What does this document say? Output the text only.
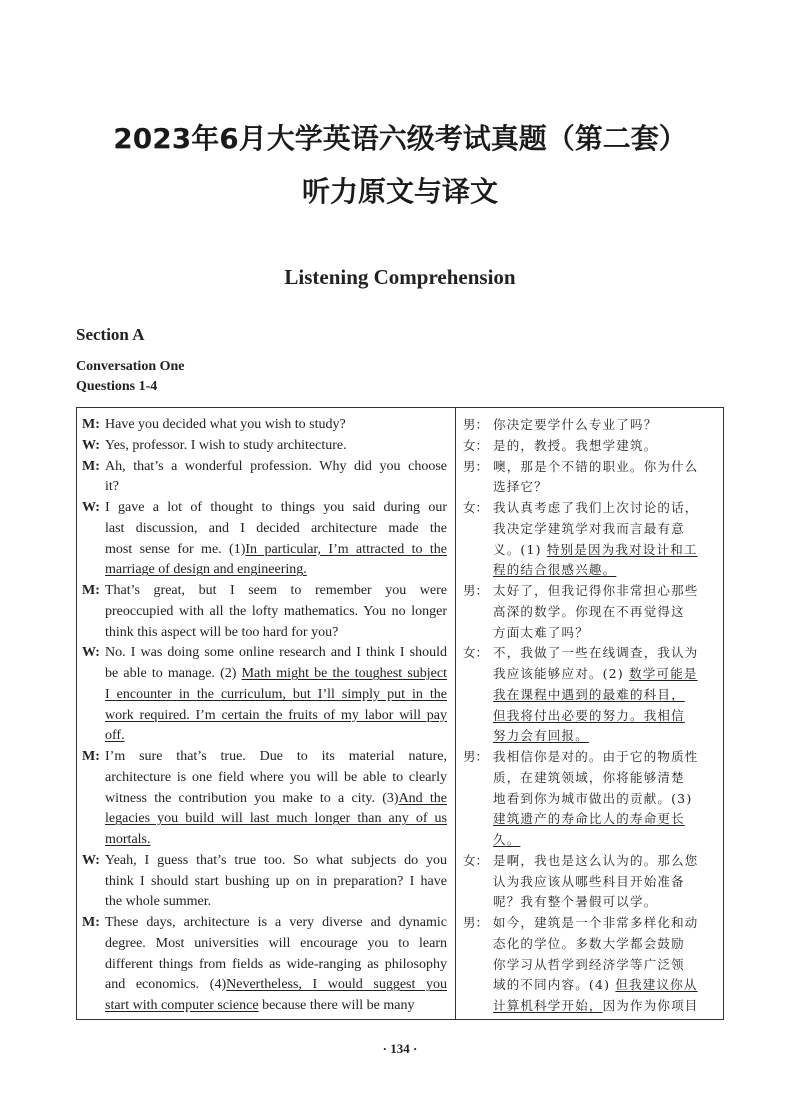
2023年6月大学英语六级考试真题（第二套）
听力原文与译文
Listening Comprehension
Section A
Conversation One
Questions 1-4
M: Have you decided what you wish to study?
W: Yes, professor. I wish to study architecture.
M: Ah, that’s a wonderful profession. Why did you choose
it?
W: I gave a lot of thought to things you said during our
last discussion, and I decided architecture made the
most sense for me. (1)In particular, I’m attracted to the
marriage of design and engineering.
M: That’s great, but I seem to remember you were
preoccupied with all the lofty mathematics. You no longer
think this aspect will be too hard for you?
W: No. I was doing some online research and I think I should
be able to manage. (2) Math might be the toughest subject
I encounter in the curriculum, but I’ll simply put in the
work required. I’m certain the fruits of my labor will pay
off.
M: I’m sure that’s true. Due to its material nature,
architecture is one field where you will be able to clearly
witness the contribution you make to a city. (3)And the
legacies you build will last much longer than any of us
mortals.
W: Yeah, I guess that’s true too. So what subjects do you
think I should start bushing up on in preparation? I have
the whole summer.
M: These days, architecture is a very diverse and dynamic
degree. Most universities will encourage you to learn
different things from fields as wide-ranging as philosophy
and economics. (4)Nevertheless, I would suggest you
start with computer science because there will be many
男： 你决定要学什么专业了吗？
女： 是的，教授。我想学建筑。
男： 噢，那是个不错的职业。你为什么
选择它？
女： 我认真考虑了我们上次讨论的话，
我决定学建筑学对我而言最有意
义。(1) 特别是因为我对设计和工
程的结合很感兴趣。
男： 太好了，但我记得你非常担心那些
高深的数学。你现在不再觉得这
方面太难了吗？
女： 不，我做了一些在线调查，我认为
我应该能够应对。(2) 数学可能是
我在课程中遇到的最难的科目，
但我将付出必要的努力。我相信
努力会有回报。
男： 我相信你是对的。由于它的物质性
质，在建筑领域，你将能够清楚
地看到你为城市做出的贡献。(3)
建筑遗产的寿命比人的寿命更长
久。
女： 是啊，我也是这么认为的。那么您
认为我应该从哪些科目开始准备
呢？我有整个暑假可以学。
男： 如今，建筑是一个非常多样化和动
态化的学位。多数大学都会鼓励
你学习从哲学到经济学等广泛领
域的不同内容。(4) 但我建议你从
计算机科学开始，因为作为你项目
· 134 ·
